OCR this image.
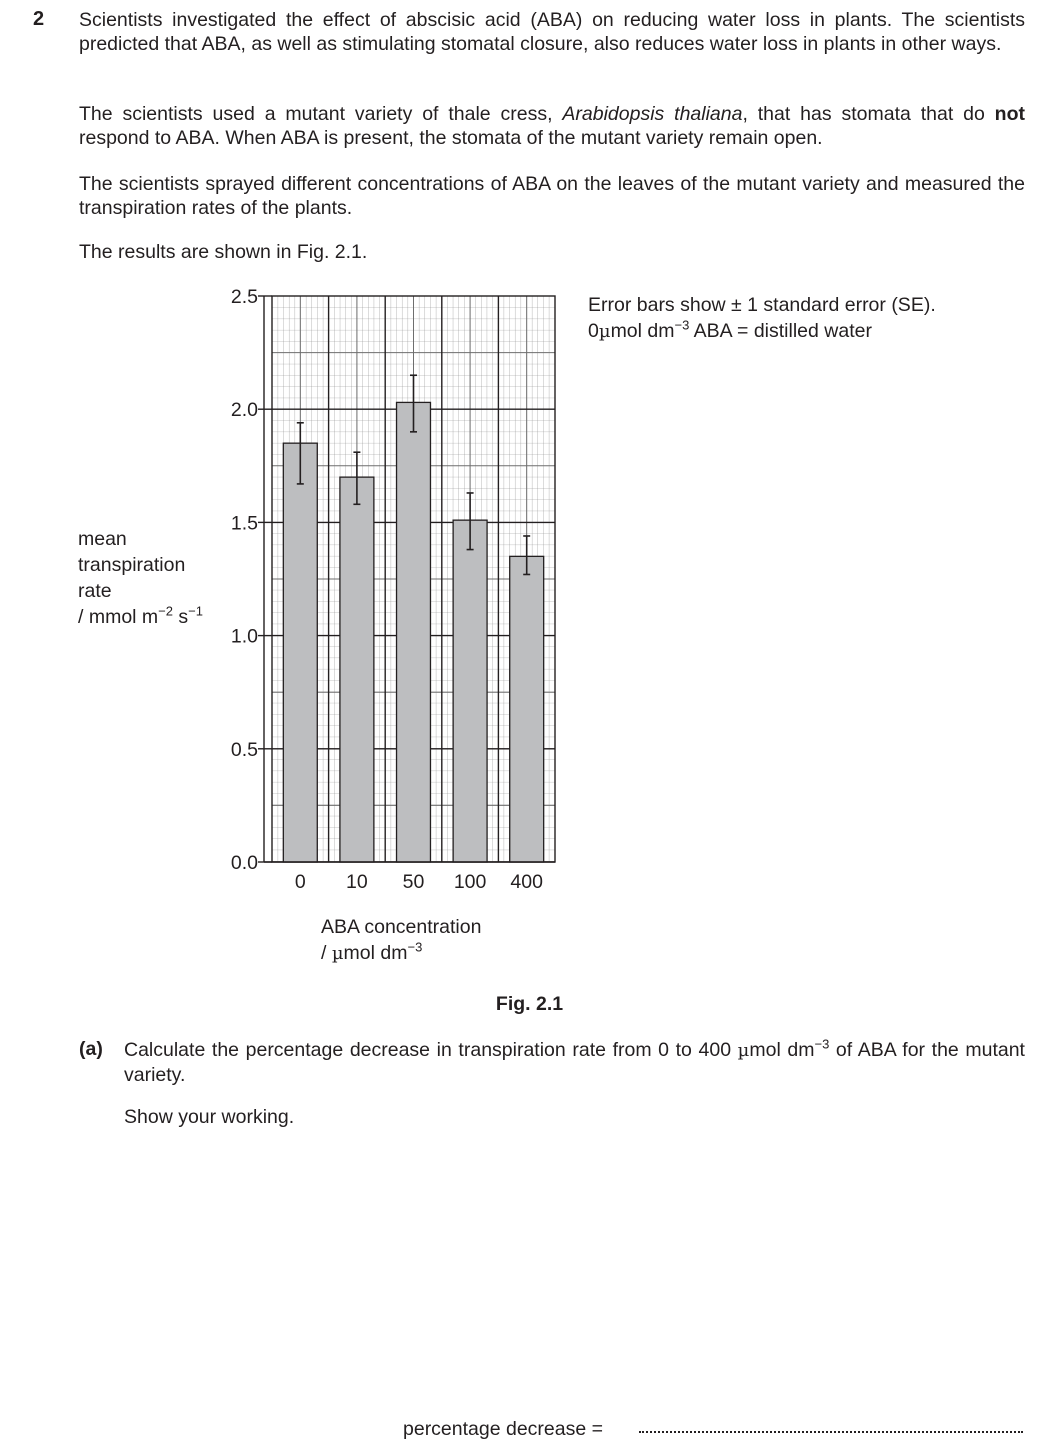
2 Scientists investigated the effect of abscisic acid (ABA) on reducing water loss in plants. The scientists predicted that ABA, as well as stimulating stomatal closure, also reduces water loss in plants in other ways.
The scientists used a mutant variety of thale cress, Arabidopsis thaliana, that has stomata that do not respond to ABA. When ABA is present, the stomata of the mutant variety remain open.
The scientists sprayed different concentrations of ABA on the leaves of the mutant variety and measured the transpiration rates of the plants.
The results are shown in Fig. 2.1.
Error bars show ± 1 standard error (SE).
0µmol $dm^{-3}$ ABA = distilled water
mean
transpiration
rate
/ mmol $m^{-2}$ $s^{-1}$
0 10 50 100 400
0.0
0.5
1.0
1.5
2.0
2.5
ABA concentration
/ µmol $dm^{-3}$
Fig. 2.1
(a) Calculate the percentage decrease in transpiration rate from 0 to 400 µmol $dm^{-3}$ of ABA for the mutant variety.
Show your working.
percentage decrease =
